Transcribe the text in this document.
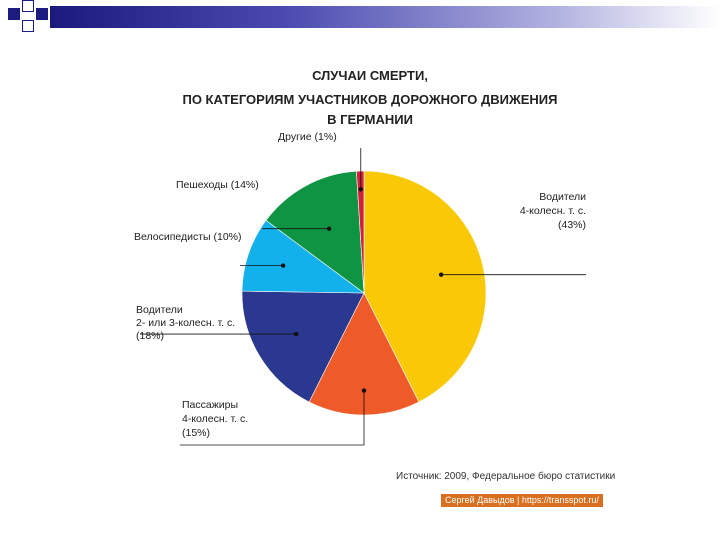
СЛУЧАИ СМЕРТИ,
ПО КАТЕГОРИЯМ УЧАСТНИКОВ ДОРОЖНОГО ДВИЖЕНИЯ
В ГЕРМАНИИ
Водители
4-колесн. т. с.
(43%)
Пассажиры
4-колесн. т. с.
(15%)
Водители
2- или 3-колесн. т. с.
(18%)
Велосипедисты (10%)
Пешеходы (14%)
Другие (1%)
Источник: 2009, Федеральное бюро статистики
Сергей Давыдов | https://transspot.ru/
